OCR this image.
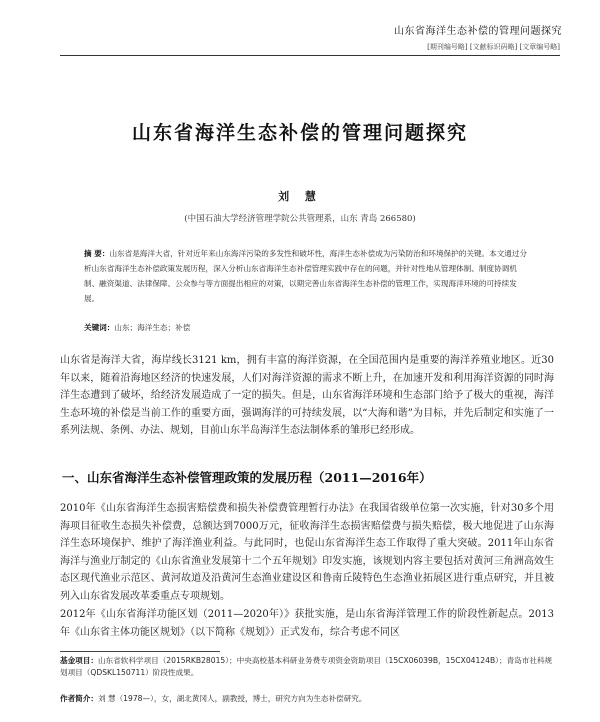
山东省海洋生态补偿的管理问题探究
[期刊编号略] [文献标识码略] [文章编号略]
山东省海洋生态补偿的管理问题探究
刘 慧
(中国石油大学经济管理学院公共管理系，山东 青岛 266580)
摘 要：山东省是海洋大省，针对近年来山东海洋污染的多发性和破坏性，海洋生态补偿成为污染防治和环境保护的关键。本文通过分析山东省海洋生态补偿政策发展历程，深入分析山东省海洋生态补偿管理实践中存在的问题，并针对性地从管理体制、制度协调机制、融资渠道、法律保障、公众参与等方面提出相应的对策，以期完善山东省海洋生态补偿的管理工作，实现海洋环境的可持续发展。
关键词：山东；海洋生态；补偿
山东省是海洋大省，海岸线长3121 km，拥有丰富的海洋资源，在全国范围内是重要的海洋养殖业地区。近30年以来，随着沿海地区经济的快速发展，人们对海洋资源的需求不断上升，在加速开发和利用海洋资源的同时海洋生态遭到了破坏，给经济发展造成了一定的损失。但是，山东省海洋环境和生态部门给予了极大的重视，海洋生态环境的补偿是当前工作的重要方面，强调海洋的可持续发展，以“大海和谐”为目标，并先后制定和实施了一系列法规、条例、办法、规划，目前山东半岛海洋生态法制体系的雏形已经形成。
一、山东省海洋生态补偿管理政策的发展历程（2011—2016年）
2010年《山东省海洋生态损害赔偿费和损失补偿费管理暂行办法》在我国省级单位第一次实施，针对30多个用海项目征收生态损失补偿费，总额达到7000万元，征收海洋生态损害赔偿费与损失赔偿，极大地促进了山东海洋生态环境保护、维护了海洋渔业利益。与此同时，也促山东省海洋生态工作取得了重大突破。2011年山东省海洋与渔业厅制定的《山东省渔业发展第十二个五年规划》印发实施，该规划内容主要包括对黄河三角洲高效生态区现代渔业示范区、黄河故道及沿黄河生态渔业建设区和鲁南丘陵特色生态渔业拓展区进行重点研究，并且被列入山东省发展改革委重点专项规划。
2012年《山东省海洋功能区划（2011—2020年）》获批实施，是山东省海洋管理工作的阶段性新起点。2013年《山东省主体功能区规划》（以下简称《规划》）正式发布，综合考虑不同区
基金项目：山东省软科学项目（2015RKB28015）；中央高校基本科研业务费专项资金资助项目（15CX06039B，15CX04124B）；青岛市社科规划项目（QDSKL150711）阶段性成果。
作者简介：刘 慧（1978—），女，湖北黄冈人，副教授，博士，研究方向为生态补偿研究。
